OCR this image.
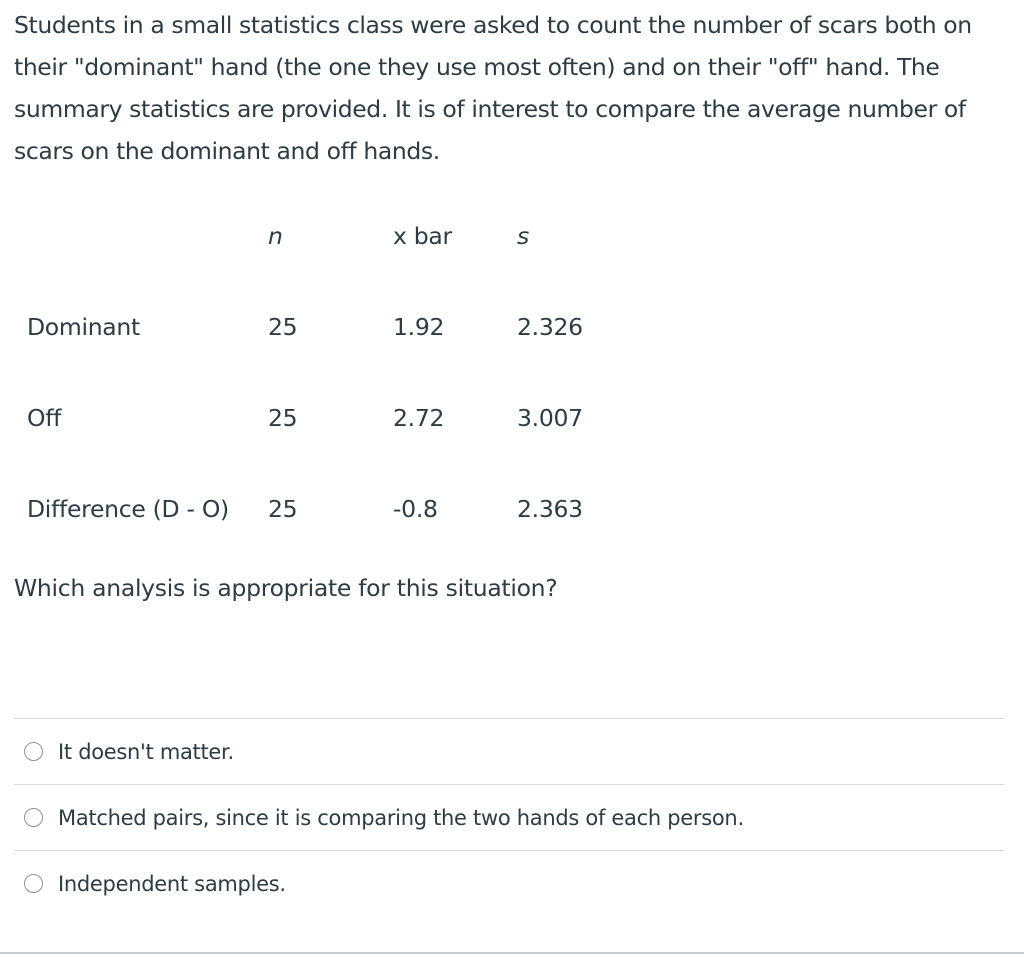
Students in a small statistics class were asked to count the number of scars both on their "dominant" hand (the one they use most often) and on their "off" hand. The summary statistics are provided. It is of interest to compare the average number of scars on the dominant and off hands.

	n	x bar	s
Dominant	25	1.92	2.326
Off	25	2.72	3.007
Difference (D - O)	25	-0.8	2.363

Which analysis is appropriate for this situation?

It doesn't matter.
Matched pairs, since it is comparing the two hands of each person.
Independent samples.
